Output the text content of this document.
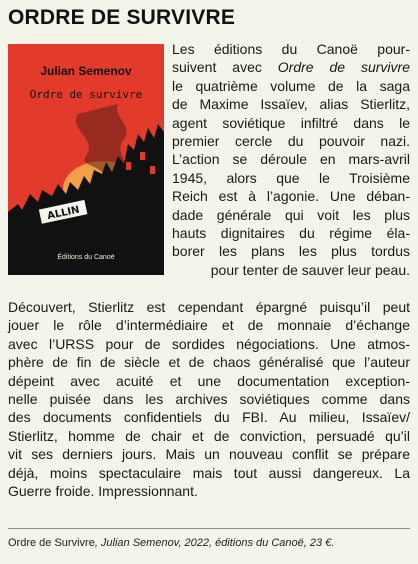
ORDRE DE SURVIVRE
ALLIN
Julian Semenov
Ordre de survivre
Éditions du Canoë

Les éditions du Canoë pour-
suivent avec Ordre de survivre
le quatrième volume de la saga
de Maxime Issaïev, alias Stierlitz,
agent soviétique infiltré dans le
premier cercle du pouvoir nazi.
L’action se déroule en mars-avril
1945, alors que le Troisième
Reich est à l’agonie. Une déban-
dade générale qui voit les plus
hauts dignitaires du régime éla-
borer les plans les plus tordus
pour tenter de sauver leur peau.

Découvert, Stierlitz est cependant épargné puisqu’il peut
jouer le rôle d’intermédiaire et de monnaie d’échange
avec l’URSS pour de sordides négociations. Une atmos-
phère de fin de siècle et de chaos généralisé que l’auteur
dépeint avec acuité et une documentation exception-
nelle puisée dans les archives soviétiques comme dans
des documents confidentiels du FBI. Au milieu, Issaïev/
Stierlitz, homme de chair et de conviction, persuadé qu’il
vit ses derniers jours. Mais un nouveau conflit se prépare
déjà, moins spectaculaire mais tout aussi dangereux. La
Guerre froide. Impressionnant.

Ordre de Survivre, Julian Semenov, 2022, éditions du Canoë, 23 €.
